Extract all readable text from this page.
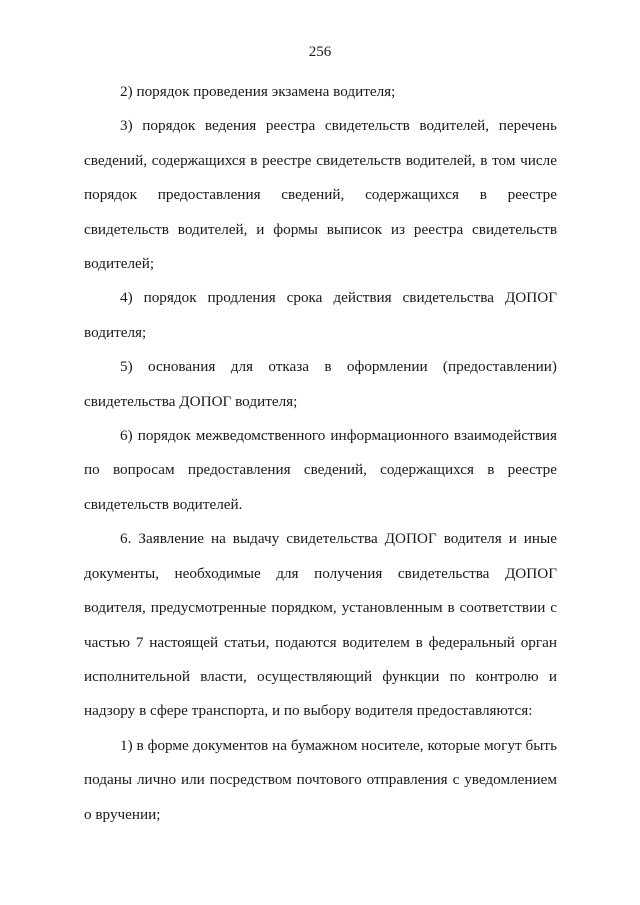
256

2) порядок проведения экзамена водителя;

3) порядок ведения реестра свидетельств водителей, перечень сведений, содержащихся в реестре свидетельств водителей, в том числе порядок предоставления сведений, содержащихся в реестре свидетельств водителей, и формы выписок из реестра свидетельств водителей;

4) порядок продления срока действия свидетельства ДОПОГ водителя;

5) основания для отказа в оформлении (предоставлении) свидетельства ДОПОГ водителя;

6) порядок межведомственного информационного взаимодействия по вопросам предоставления сведений, содержащихся в реестре свидетельств водителей.

6. Заявление на выдачу свидетельства ДОПОГ водителя и иные документы, необходимые для получения свидетельства ДОПОГ водителя, предусмотренные порядком, установленным в соответствии с частью 7 настоящей статьи, подаются водителем в федеральный орган исполнительной власти, осуществляющий функции по контролю и надзору в сфере транспорта, и по выбору водителя предоставляются:

1) в форме документов на бумажном носителе, которые могут быть поданы лично или посредством почтового отправления с уведомлением о вручении;
